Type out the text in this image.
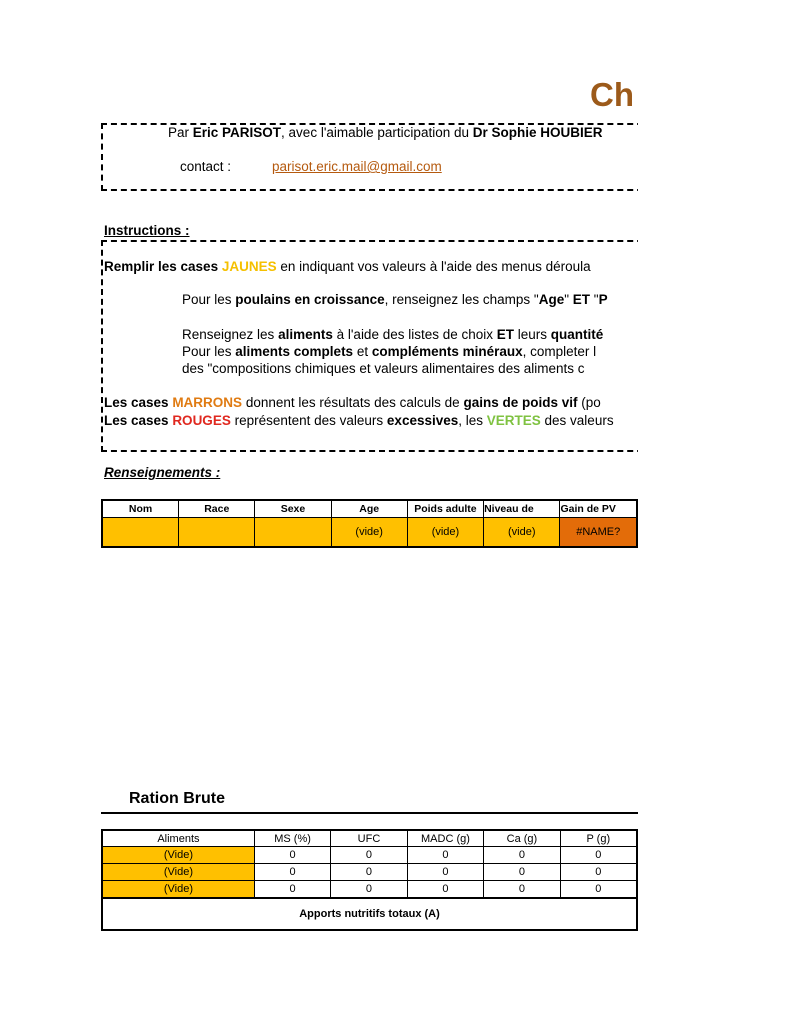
Ch
Par Eric PARISOT, avec l'aimable participation du Dr Sophie HOUBIER
contact :	parisot.eric.mail@gmail.com
Instructions :
Remplir les cases JAUNES en indiquant vos valeurs à l'aide des menus déroula
Pour les poulains en croissance, renseignez les champs "Age" ET "P
Renseignez les aliments à l'aide des listes de choix ET leurs quantité
Pour les aliments complets et compléments minéraux, completer l
des "compositions chimiques et valeurs alimentaires des aliments c
Les cases MARRONS donnent les résultats des calculs de gains de poids vif (po
Les cases ROUGES représentent des valeurs excessives, les VERTES des valeurs
Renseignements :
Nom	Race	Sexe	Age	Poids adulte	Niveau de	Gain de PV
			(vide)	(vide)	(vide)	#NAME?
Ration Brute
Aliments	MS (%)	UFC	MADC (g)	Ca (g)	P (g)
(Vide)	0	0	0	0	0
(Vide)	0	0	0	0	0
(Vide)	0	0	0	0	0
Apports nutritifs totaux (A)					
